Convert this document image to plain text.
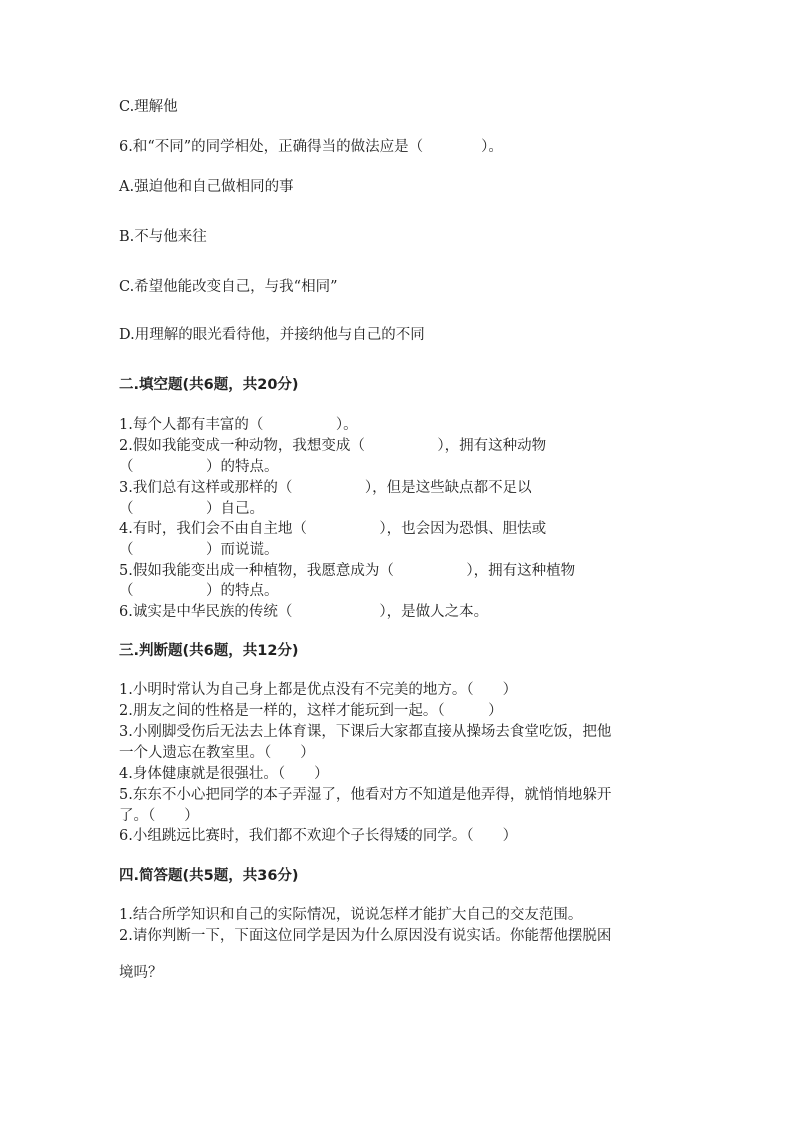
C.理解他
6.和“不同”的同学相处，正确得当的做法应是（　　　　）。
A.强迫他和自己做相同的事
B.不与他来往
C.希望他能改变自己，与我“相同”
D.用理解的眼光看待他，并接纳他与自己的不同
二.填空题(共6题，共20分)
1.每个人都有丰富的（　　　　　）。
2.假如我能变成一种动物，我想变成（　　　　　），拥有这种动物
（　　　　　）的特点。
3.我们总有这样或那样的（　　　　　），但是这些缺点都不足以
（　　　　　）自己。
4.有时，我们会不由自主地（　　　　　），也会因为恐惧、胆怯或
（　　　　　）而说谎。
5.假如我能变出成一种植物，我愿意成为（　　　　　），拥有这种植物
（　　　　　）的特点。
6.诚实是中华民族的传统（　　　　　　），是做人之本。
三.判断题(共6题，共12分)
1.小明时常认为自己身上都是优点没有不完美的地方。（　　）
2.朋友之间的性格是一样的，这样才能玩到一起。（　　　）
3.小刚脚受伤后无法去上体育课，下课后大家都直接从操场去食堂吃饭，把他
一个人遗忘在教室里。（　　）
4.身体健康就是很强壮。（　　）
5.东东不小心把同学的本子弄湿了，他看对方不知道是他弄得，就悄悄地躲开
了。（　　）
6.小组跳远比赛时，我们都不欢迎个子长得矮的同学。（　　）
四.简答题(共5题，共36分)
1.结合所学知识和自己的实际情况，说说怎样才能扩大自己的交友范围。
2.请你判断一下，下面这位同学是因为什么原因没有说实话。你能帮他摆脱困
境吗？
